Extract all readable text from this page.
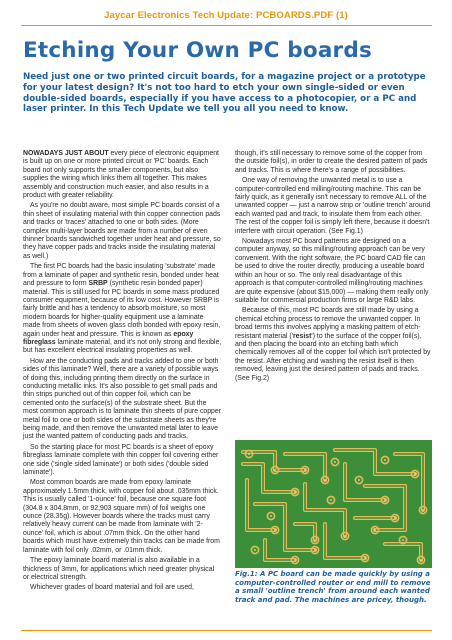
Jaycar Electronics Tech Update: PCBOARDS.PDF (1)
Etching Your Own PC boards

Need just one or two printed circuit boards, for a magazine project or a prototype for your latest design? It's not too hard to etch your own single-sided or even double-sided boards, especially if you have access to a photocopier, or a PC and laser printer. In this Tech Update we tell you all you need to know.

NOWADAYS JUST ABOUT every piece of electronic equipment is built up on one or more printed circuit or 'PC' boards. Each board not only supports the smaller components, but also supplies the wiring which links them all together. This makes assembly and construction much easier, and also results in a product with greater reliability.

As you're no doubt aware, most simple PC boards consist of a thin sheet of insulating material with thin copper connection pads and tracks or 'traces' attached to one or both sides. (More complex multi-layer boards are made from a number of even thinner boards sandwiched together under heat and pressure, so they have copper pads and tracks inside the insulating material as well.)

The first PC boards had the basic insulating 'substrate' made from a laminate of paper and synthetic resin, bonded under heat and pressure to form SRBP (synthetic resin bonded paper) material. This is still used for PC boards in some mass produced consumer equipment, because of its low cost. However SRBP is fairly brittle and has a tendency to absorb moisture, so most modern boards for higher-quality equipment use a laminate made from sheets of woven glass cloth bonded with epoxy resin, again under heat and pressure. This is known as epoxy fibreglass laminate material, and it's not only strong and flexible, but has excellent electrical insulating properties as well.

How are the conducting pads and tracks added to one or both sides of this laminate? Well, there are a variety of possible ways of doing this, including printing them directly on the surface in conducting metallic inks. It's also possible to get small pads and thin strips punched out of thin copper foil, which can be cemented onto the surface(s) of the substrate sheet. But the most common approach is to laminate thin sheets of pure copper metal foil to one or both sides of the substrate sheets as they're being made, and then remove the unwanted metal later to leave just the wanted pattern of conducting pads and tracks.

So the starting place for most PC boards is a sheet of epoxy fibreglass laminate complete with thin copper foil covering either one side ('single sided laminate') or both sides ('double sided laminate').

Most common boards are made from epoxy laminate approximately 1.5mm thick, with copper foil about .035mm thick. This is usually called '1-ounce' foil, because one square foot (304.8 x 304.8mm, or 92,903 square mm) of foil weighs one ounce (28.35g). However boards where the tracks must carry relatively heavy current can be made from laminate with '2-ounce' foil, which is about .07mm thick. On the other hand boards which must have extremely thin tracks can be made from laminate with foil only .02mm, or .01mm thick.

The epoxy laminate board material is also available in a thickness of 3mm, for applications which need greater physical or electrical strength.

Whichever grades of board material and foil are used,

though, it's still necessary to remove some of the copper from the outside foil(s), in order to create the desired pattern of pads and tracks. This is where there's a range of possibilities.

One way of removing the unwanted metal is to use a computer-controlled end milling/routing machine. This can be fairly quick, as it generally isn't necessary to remove ALL of the unwanted copper — just a narrow strip or 'outline trench' around each wanted pad and track, to insulate them from each other. The rest of the copper foil is simply left there, because it doesn't interfere with circuit operation. (See Fig.1)

Nowadays most PC board patterns are designed on a computer anyway, so this milling/routing approach can be very convenient. With the right software, the PC board CAD file can be used to drive the router directly, producing a useable board within an hour or so. The only real disadvantage of this approach is that computer-controlled milling/routing machines are quite expensive (about $15,000) — making them really only suitable for commercial production firms or large R&D labs.

Because of this, most PC boards are still made by using a chemical etching process to remove the unwanted copper. In broad terms this involves applying a masking pattern of etch-resistant material ('resist') to the surface of the copper foil(s), and then placing the board into an etching bath which chemically removes all of the copper foil which isn't protected by the resist. After etching and washing the resist itself is then removed, leaving just the desired pattern of pads and tracks. (See Fig.2)

Fig.1: A PC board can be made quickly by using a computer-controlled router or end mill to remove a small 'outline trench' from around each wanted track and pad. The machines are pricey, though.
